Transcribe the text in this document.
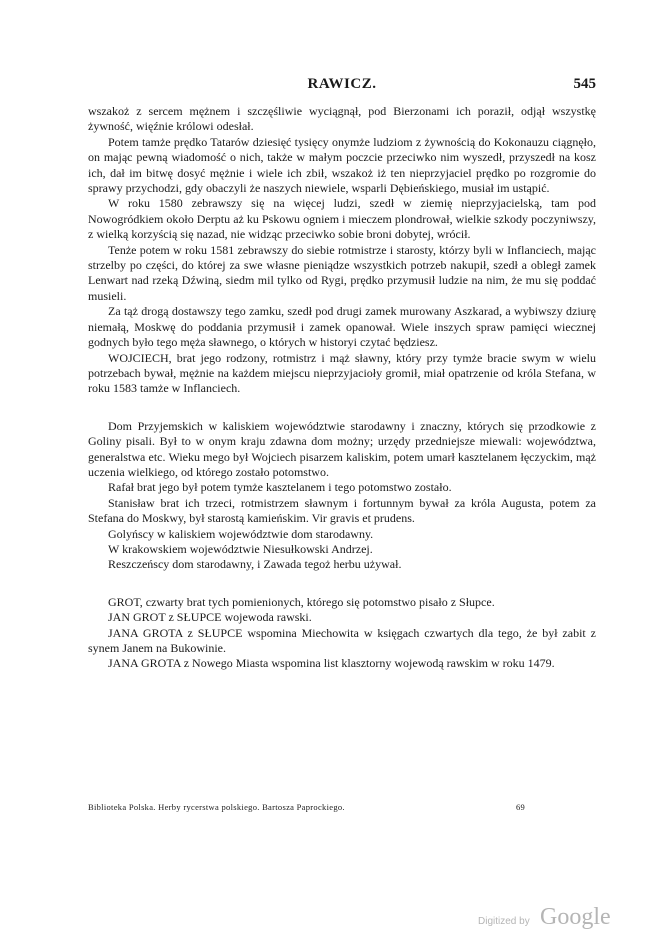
RAWICZ.	545

wszakoż z sercem mężnem i szczęśliwie wyciągnął, pod Bierzonami ich poraził, odjął wszystkę żywność, więźnie królowi odesłał.

Potem tamże prędko Tatarów dziesięć tysięcy onymże ludziom z żywnością do Kokonauzu ciągnęło, on mając pewną wiadomość o nich, także w małym poczcie przeciwko nim wyszedł, przyszedł na kosz ich, dał im bitwę dosyć mężnie i wiele ich zbił, wszakoż iż ten nieprzyjaciel prędko po rozgromie do sprawy przychodzi, gdy obaczyli że naszych niewiele, wsparli Dębieńskiego, musiał im ustąpić.

W roku 1580 zebrawszy się na więcej ludzi, szedł w ziemię nieprzyjacielską, tam pod Nowogródkiem około Derptu aż ku Pskowu ogniem i mieczem plondrował, wielkie szkody poczyniwszy, z wielką korzyścią się nazad, nie widząc przeciwko sobie broni dobytej, wrócił.

Tenże potem w roku 1581 zebrawszy do siebie rotmistrze i starosty, którzy byli w Inflanciech, mając strzelby po części, do której za swe własne pieniądze wszystkich potrzeb nakupił, szedł a obległ zamek Lenwart nad rzeką Dźwiną, siedm mil tylko od Rygi, prędko przymusił ludzie na nim, że mu się poddać musieli.

Za tąż drogą dostawszy tego zamku, szedł pod drugi zamek murowany Aszkarad, a wybiwszy dziurę niemałą, Moskwę do poddania przymusił i zamek opanował. Wiele inszych spraw pamięci wiecznej godnych było tego męża sławnego, o których w historyi czytać będziesz.

WOJCIECH, brat jego rodzony, rotmistrz i mąż sławny, który przy tymże bracie swym w wielu potrzebach bywał, mężnie na każdem miejscu nieprzyjacioły gromił, miał opatrzenie od króla Stefana, w roku 1583 tamże w Inflanciech.

Dom Przyjemskich w kaliskiem województwie starodawny i znaczny, których się przodkowie z Goliny pisali. Był to w onym kraju zdawna dom możny; urzędy przedniejsze miewali: województwa, generalstwa etc. Wieku mego był Wojciech pisarzem kaliskim, potem umarł kasztelanem łęczyckim, mąż uczenia wielkiego, od którego zostało potomstwo.

Rafał brat jego był potem tymże kasztelanem i tego potomstwo zostało.

Stanisław brat ich trzeci, rotmistrzem sławnym i fortunnym bywał za króla Augusta, potem za Stefana do Moskwy, był starostą kamieńskim. Vir gravis et prudens.

Golyńscy w kaliskiem województwie dom starodawny.

W krakowskiem województwie Niesułkowski Andrzej.

Reszczeńscy dom starodawny, i Zawada tegoż herbu używał.

GROT, czwarty brat tych pomienionych, którego się potomstwo pisało z Słupce.

JAN GROT z SŁUPCE wojewoda rawski.

JANA GROTA z SŁUPCE wspomina Miechowita w księgach czwartych dla tego, że był zabit z synem Janem na Bukowinie.

JANA GROTA z Nowego Miasta wspomina list klasztorny wojewodą rawskim w roku 1479.

Biblioteka Polska. Herby rycerstwa polskiego. Bartosza Paprockiego.	69
Digitized by Google
